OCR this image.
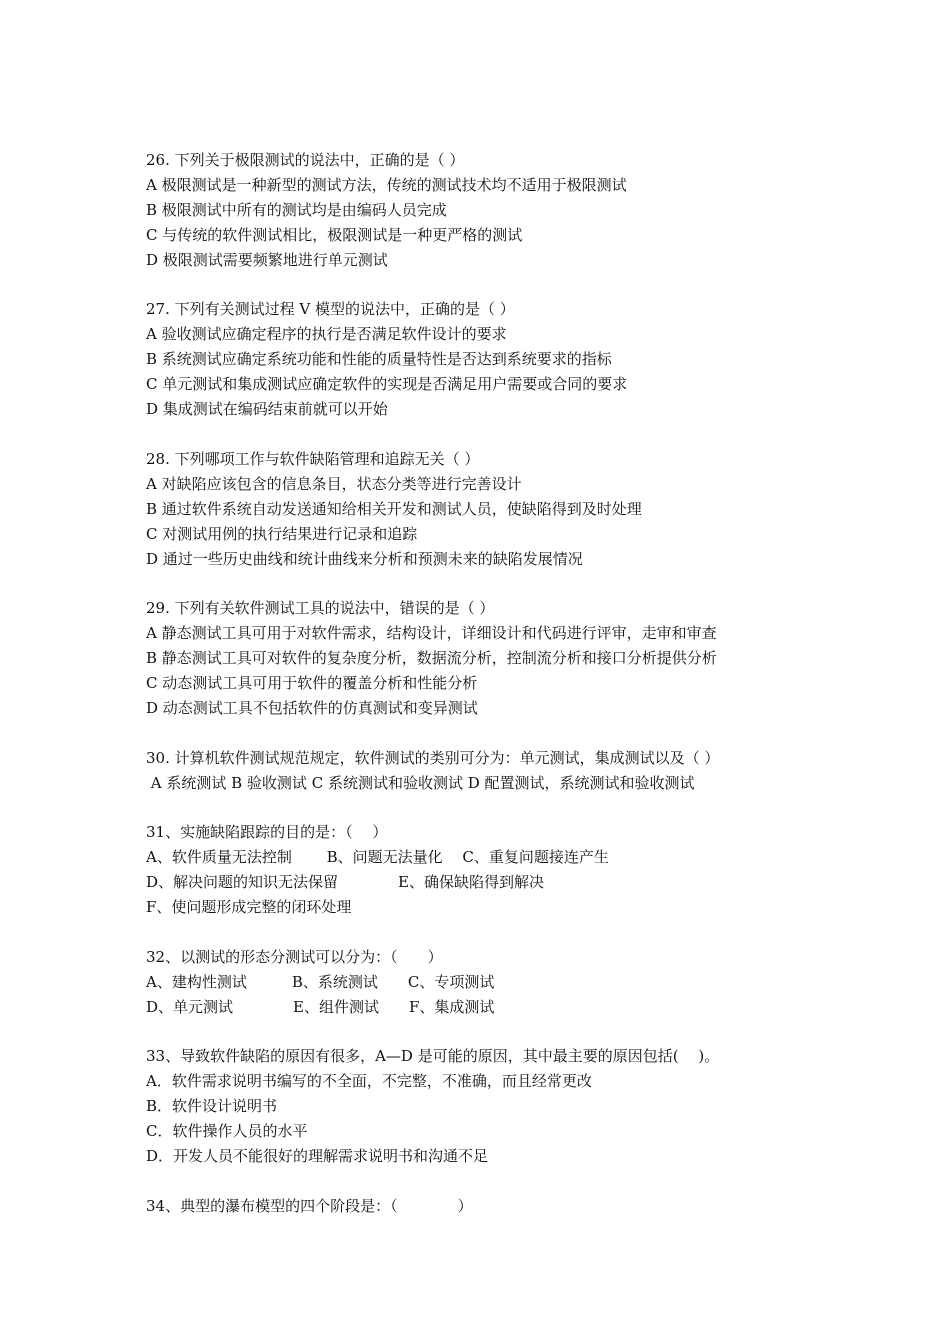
26. 下列关于极限测试的说法中，正确的是（ ）
A 极限测试是一种新型的测试方法，传统的测试技术均不适用于极限测试
B 极限测试中所有的测试均是由编码人员完成
C 与传统的软件测试相比，极限测试是一种更严格的测试
D 极限测试需要频繁地进行单元测试
27. 下列有关测试过程 V 模型的说法中，正确的是（ ）
A 验收测试应确定程序的执行是否满足软件设计的要求
B 系统测试应确定系统功能和性能的质量特性是否达到系统要求的指标
C 单元测试和集成测试应确定软件的实现是否满足用户需要或合同的要求
D 集成测试在编码结束前就可以开始
28. 下列哪项工作与软件缺陷管理和追踪无关（ ）
A 对缺陷应该包含的信息条目，状态分类等进行完善设计
B 通过软件系统自动发送通知给相关开发和测试人员，使缺陷得到及时处理
C 对测试用例的执行结果进行记录和追踪
D 通过一些历史曲线和统计曲线来分析和预测未来的缺陷发展情况
29. 下列有关软件测试工具的说法中，错误的是（ ）
A 静态测试工具可用于对软件需求，结构设计，详细设计和代码进行评审，走审和审查
B 静态测试工具可对软件的复杂度分析，数据流分析，控制流分析和接口分析提供分析
C 动态测试工具可用于软件的覆盖分析和性能分析
D 动态测试工具不包括软件的仿真测试和变异测试
30. 计算机软件测试规范规定，软件测试的类别可分为：单元测试，集成测试以及（ ）
A 系统测试 B 验收测试 C 系统测试和验收测试 D 配置测试，系统测试和验收测试
31、实施缺陷跟踪的目的是：（　 ）
A、软件质量无法控制　　 B、问题无法量化　 C、重复问题接连产生
D、解决问题的知识无法保留　　　　E、确保缺陷得到解决
F、使问题形成完整的闭环处理
32、以测试的形态分测试可以分为：（　　）
A、建构性测试　　　B、系统测试　　C、专项测试
D、单元测试　　　　E、组件测试　　F、集成测试
33、导致软件缺陷的原因有很多，A—D 是可能的原因，其中最主要的原因包括(　 )。
A．软件需求说明书编写的不全面，不完整，不准确，而且经常更改
B．软件设计说明书
C．软件操作人员的水平
D．开发人员不能很好的理解需求说明书和沟通不足
34、典型的瀑布模型的四个阶段是：（　　　　）
